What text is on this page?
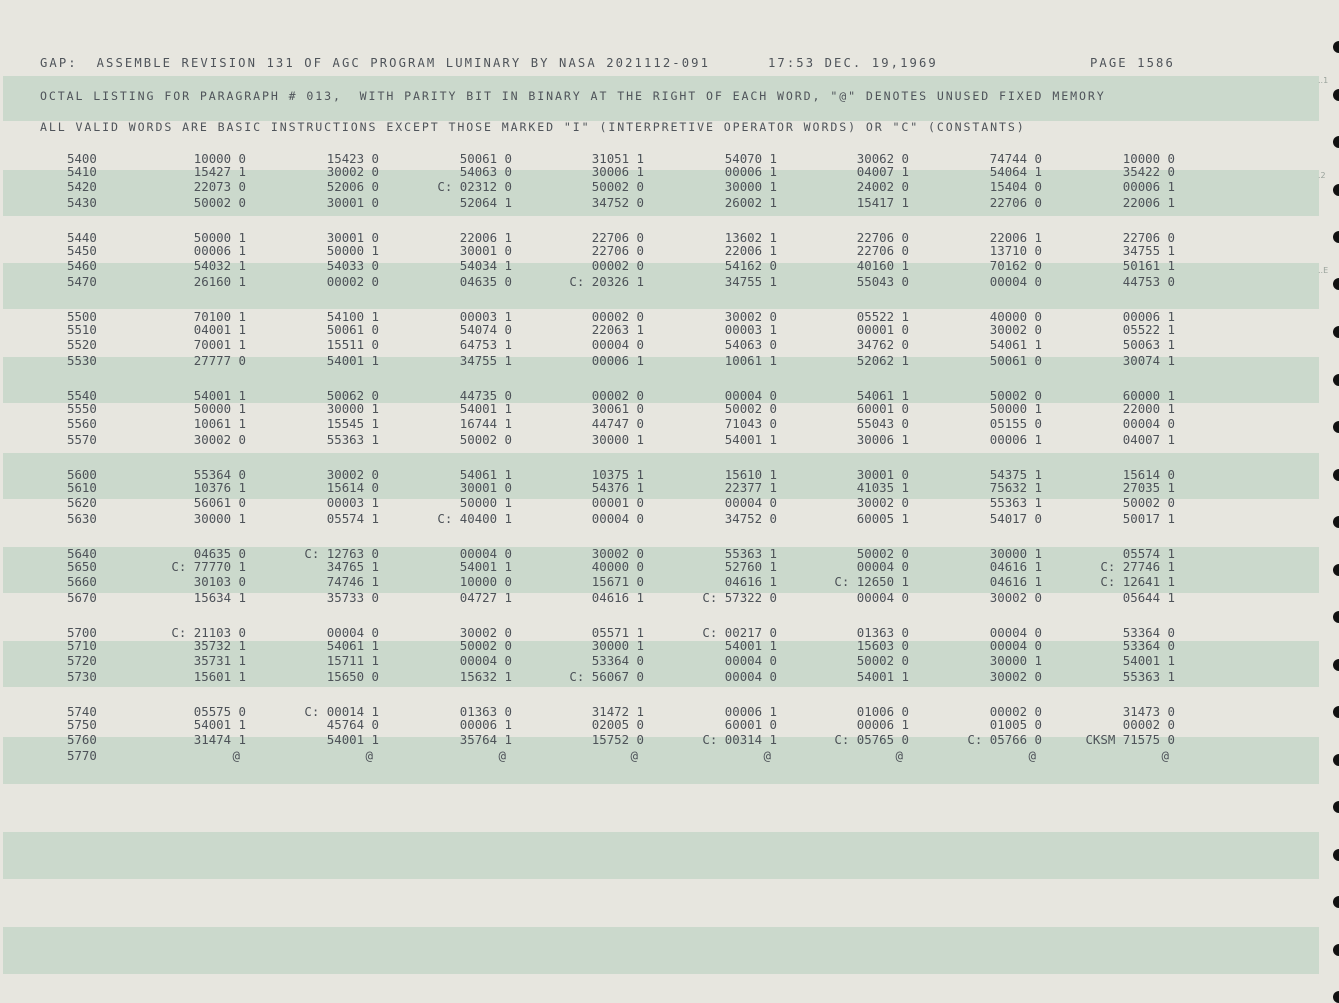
..1
.2
..E
GAP:  ASSEMBLE REVISION 131 OF AGC PROGRAM LUMINARY BY NASA 2021112-091	17:53 DEC. 19,1969	PAGE 1586
OCTAL LISTING FOR PARAGRAPH # 013,  WITH PARITY BIT IN BINARY AT THE RIGHT OF EACH WORD, "@" DENOTES UNUSED FIXED MEMORY
ALL VALID WORDS ARE BASIC INSTRUCTIONS EXCEPT THOSE MARKED "I" (INTERPRETIVE OPERATOR WORDS) OR "C" (CONSTANTS)
5400	10000 0	15423 0	50061 0	31051 1	54070 1	30062 0	74744 0	10000 0
5410	15427 1	30002 0	54063 0	30006 1	00006 1	04007 1	54064 1	35422 0
5420	22073 0	52006 0	C: 02312 0	50002 0	30000 1	24002 0	15404 0	00006 1
5430	50002 0	30001 0	52064 1	34752 0	26002 1	15417 1	22706 0	22006 1
5440	50000 1	30001 0	22006 1	22706 0	13602 1	22706 0	22006 1	22706 0
5450	00006 1	50000 1	30001 0	22706 0	22006 1	22706 0	13710 0	34755 1
5460	54032 1	54033 0	54034 1	00002 0	54162 0	40160 1	70162 0	50161 1
5470	26160 1	00002 0	04635 0	C: 20326 1	34755 1	55043 0	00004 0	44753 0
5500	70100 1	54100 1	00003 1	00002 0	30002 0	05522 1	40000 0	00006 1
5510	04001 1	50061 0	54074 0	22063 1	00003 1	00001 0	30002 0	05522 1
5520	70001 1	15511 0	64753 1	00004 0	54063 0	34762 0	54061 1	50063 1
5530	27777 0	54001 1	34755 1	00006 1	10061 1	52062 1	50061 0	30074 1
5540	54001 1	50062 0	44735 0	00002 0	00004 0	54061 1	50002 0	60000 1
5550	50000 1	30000 1	54001 1	30061 0	50002 0	60001 0	50000 1	22000 1
5560	10061 1	15545 1	16744 1	44747 0	71043 0	55043 0	05155 0	00004 0
5570	30002 0	55363 1	50002 0	30000 1	54001 1	30006 1	00006 1	04007 1
5600	55364 0	30002 0	54061 1	10375 1	15610 1	30001 0	54375 1	15614 0
5610	10376 1	15614 0	30001 0	54376 1	22377 1	41035 1	75632 1	27035 1
5620	56061 0	00003 1	50000 1	00001 0	00004 0	30002 0	55363 1	50002 0
5630	30000 1	05574 1	C: 40400 1	00004 0	34752 0	60005 1	54017 0	50017 1
5640	04635 0	C: 12763 0	00004 0	30002 0	55363 1	50002 0	30000 1	05574 1
5650	C: 77770 1	34765 1	54001 1	40000 0	52760 1	00004 0	04616 1	C: 27746 1
5660	30103 0	74746 1	10000 0	15671 0	04616 1	C: 12650 1	04616 1	C: 12641 1
5670	15634 1	35733 0	04727 1	04616 1	C: 57322 0	00004 0	30002 0	05644 1
5700	C: 21103 0	00004 0	30002 0	05571 1	C: 00217 0	01363 0	00004 0	53364 0
5710	35732 1	54061 1	50002 0	30000 1	54001 1	15603 0	00004 0	53364 0
5720	35731 1	15711 1	00004 0	53364 0	00004 0	50002 0	30000 1	54001 1
5730	15601 1	15650 0	15632 1	C: 56067 0	00004 0	54001 1	30002 0	55363 1
5740	05575 0	C: 00014 1	01363 0	31472 1	00006 1	01006 0	00002 0	31473 0
5750	54001 1	45764 0	00006 1	02005 0	60001 0	00006 1	01005 0	00002 0
5760	31474 1	54001 1	35764 1	15752 0	C: 00314 1	C: 05765 0	C: 05766 0	CKSM 71575 0
5770	@	@	@	@	@	@	@	@
